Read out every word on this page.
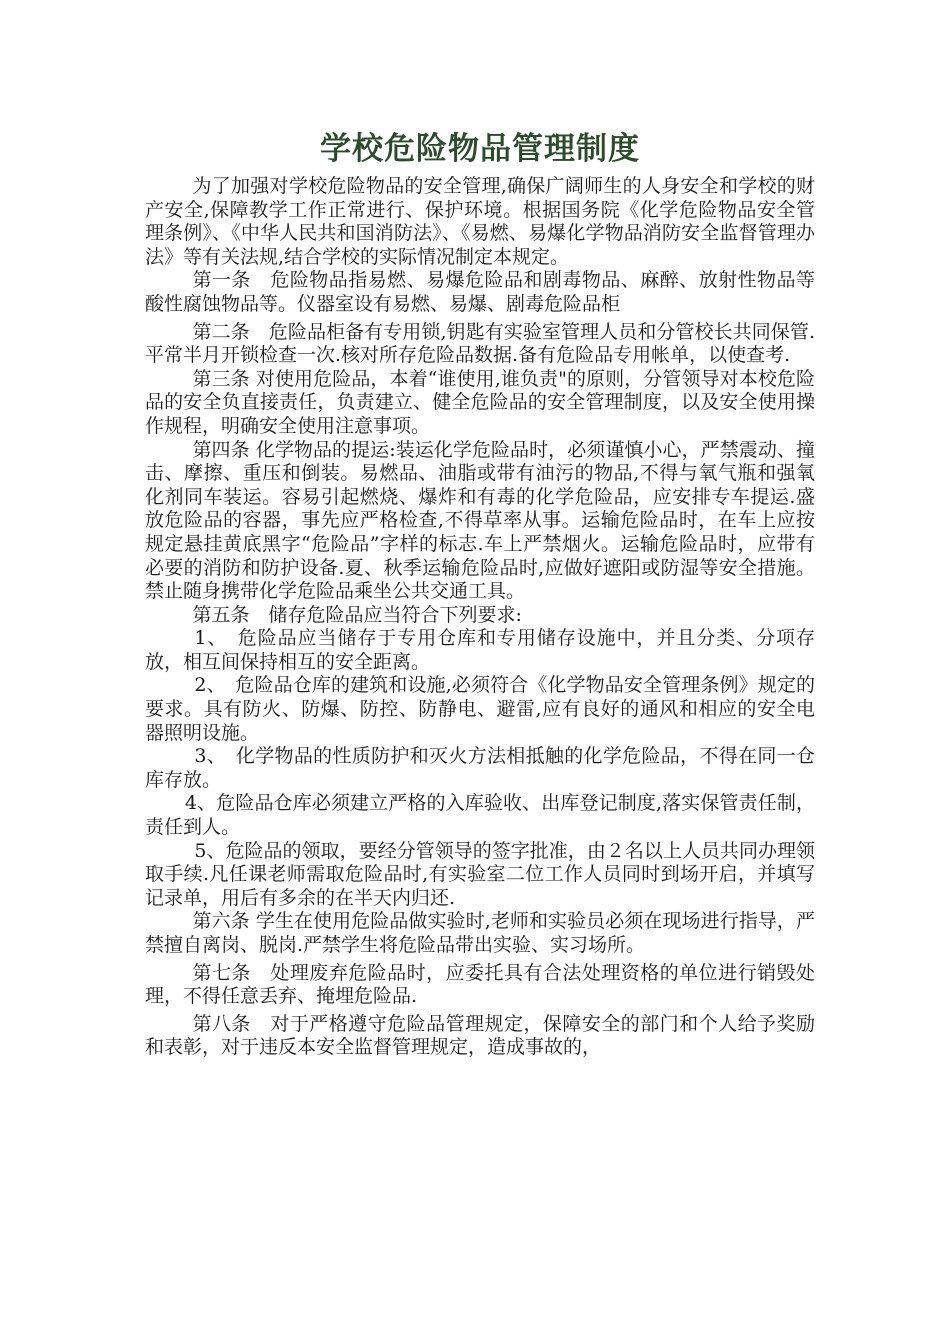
学校危险物品管理制度

为了加强对学校危险物品的安全管理,确保广阔师生的人身安全和学校的财产安全,保障教学工作正常进行、保护环境。根据国务院《化学危险物品安全管理条例》、《中华人民共和国消防法》、《易燃、易爆化学物品消防安全监督管理办法》等有关法规,结合学校的实际情况制定本规定。

第一条　危险物品指易燃、易爆危险品和剧毒物品、麻醉、放射性物品等酸性腐蚀物品等。仪器室设有易燃、易爆、剧毒危险品柜

第二条　危险品柜备有专用锁,钥匙有实验室管理人员和分管校长共同保管. 平常半月开锁检查一次.核对所存危险品数据.备有危险品专用帐单，以使查考.

第三条 对使用危险品，本着“谁使用,谁负责"的原则，分管领导对本校危险品的安全负直接责任，负责建立、健全危险品的安全管理制度，以及安全使用操作规程，明确安全使用注意事项。

第四条 化学物品的提运:装运化学危险品时，必须谨慎小心，严禁震动、撞击、摩擦、重压和倒装。易燃品、油脂或带有油污的物品,不得与氧气瓶和强氧化剂同车装运。容易引起燃烧、爆炸和有毒的化学危险品，应安排专车提运.盛放危险品的容器，事先应严格检查,不得草率从事。运输危险品时，在车上应按规定悬挂黄底黑字“危险品”字样的标志.车上严禁烟火。运输危险品时，应带有必要的消防和防护设备.夏、秋季运输危险品时,应做好遮阳或防湿等安全措施。禁止随身携带化学危险品乘坐公共交通工具。

第五条　储存危险品应当符合下列要求:

1、　危险品应当储存于专用仓库和专用储存设施中，并且分类、分项存放，相互间保持相互的安全距离。

2、　危险品仓库的建筑和设施,必须符合《化学物品安全管理条例》规定的要求。具有防火、防爆、防控、防静电、避雷,应有良好的通风和相应的安全电器照明设施。

3、　化学物品的性质防护和灭火方法相抵触的化学危险品，不得在同一仓库存放。

4、危险品仓库必须建立严格的入库验收、出库登记制度,落实保管责任制，责任到人。

5、危险品的领取，要经分管领导的签字批准，由２名以上人员共同办理领取手续.凡任课老师需取危险品时,有实验室二位工作人员同时到场开启，并填写记录单，用后有多余的在半天内归还.

第六条 学生在使用危险品做实验时,老师和实验员必须在现场进行指导，严禁擅自离岗、脱岗.严禁学生将危险品带出实验、实习场所。

第七条　处理废弃危险品时，应委托具有合法处理资格的单位进行销毁处理，不得任意丢弃、掩埋危险品.

第八条　对于严格遵守危险品管理规定，保障安全的部门和个人给予奖励和表彰，对于违反本安全监督管理规定，造成事故的，
